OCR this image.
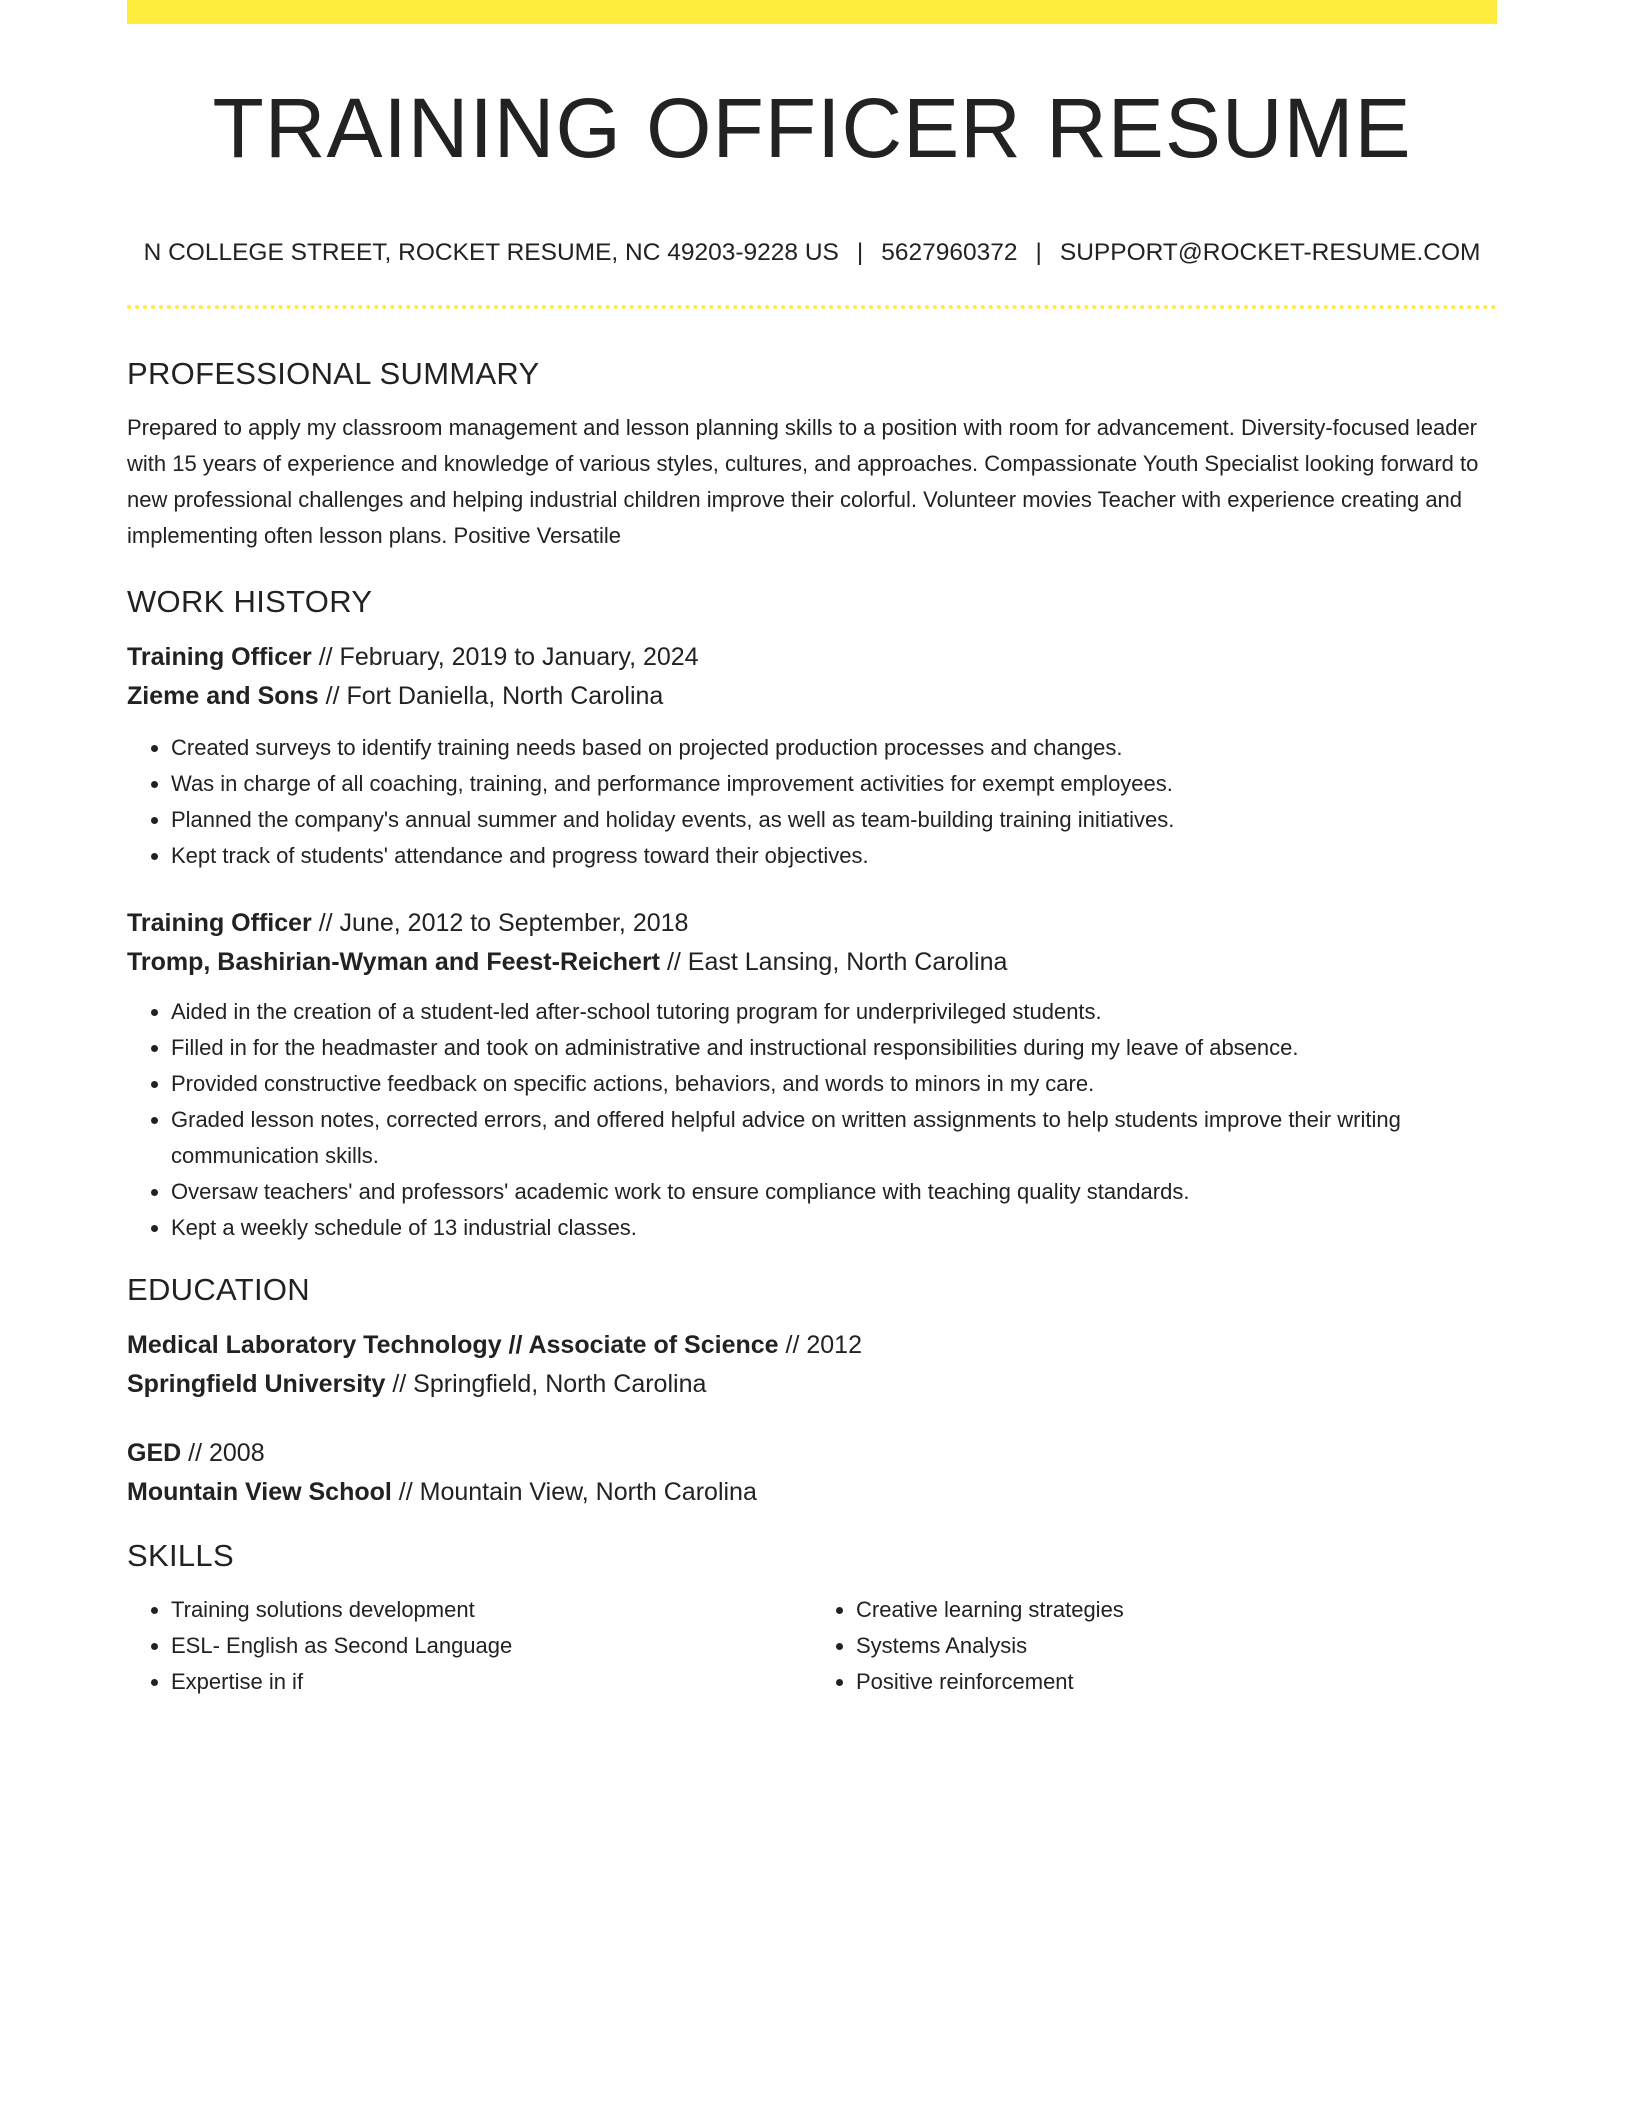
TRAINING OFFICER RESUME
N COLLEGE STREET, ROCKET RESUME, NC 49203-9228 US | 5627960372 | SUPPORT@ROCKET-RESUME.COM
PROFESSIONAL SUMMARY

Prepared to apply my classroom management and lesson planning skills to a position with room for advancement. Diversity-focused leader with 15 years of experience and knowledge of various styles, cultures, and approaches. Compassionate Youth Specialist looking forward to new professional challenges and helping industrial children improve their colorful. Volunteer movies Teacher with experience creating and implementing often lesson plans. Positive Versatile

WORK HISTORY
Training Officer // February, 2019 to January, 2024
Zieme and Sons // Fort Daniella, North Carolina
• Created surveys to identify training needs based on projected production processes and changes.
• Was in charge of all coaching, training, and performance improvement activities for exempt employees.
• Planned the company's annual summer and holiday events, as well as team-building training initiatives.
• Kept track of students' attendance and progress toward their objectives.
Training Officer // June, 2012 to September, 2018
Tromp, Bashirian-Wyman and Feest-Reichert // East Lansing, North Carolina
• Aided in the creation of a student-led after-school tutoring program for underprivileged students.
• Filled in for the headmaster and took on administrative and instructional responsibilities during my leave of absence.
• Provided constructive feedback on specific actions, behaviors, and words to minors in my care.
• Graded lesson notes, corrected errors, and offered helpful advice on written assignments to help students improve their writing communication skills.
• Oversaw teachers' and professors' academic work to ensure compliance with teaching quality standards.
• Kept a weekly schedule of 13 industrial classes.
EDUCATION
Medical Laboratory Technology // Associate of Science // 2012
Springfield University // Springfield, North Carolina
GED // 2008
Mountain View School // Mountain View, North Carolina
SKILLS
• Training solutions development
• ESL- English as Second Language
• Expertise in if
• Creative learning strategies
• Systems Analysis
• Positive reinforcement
